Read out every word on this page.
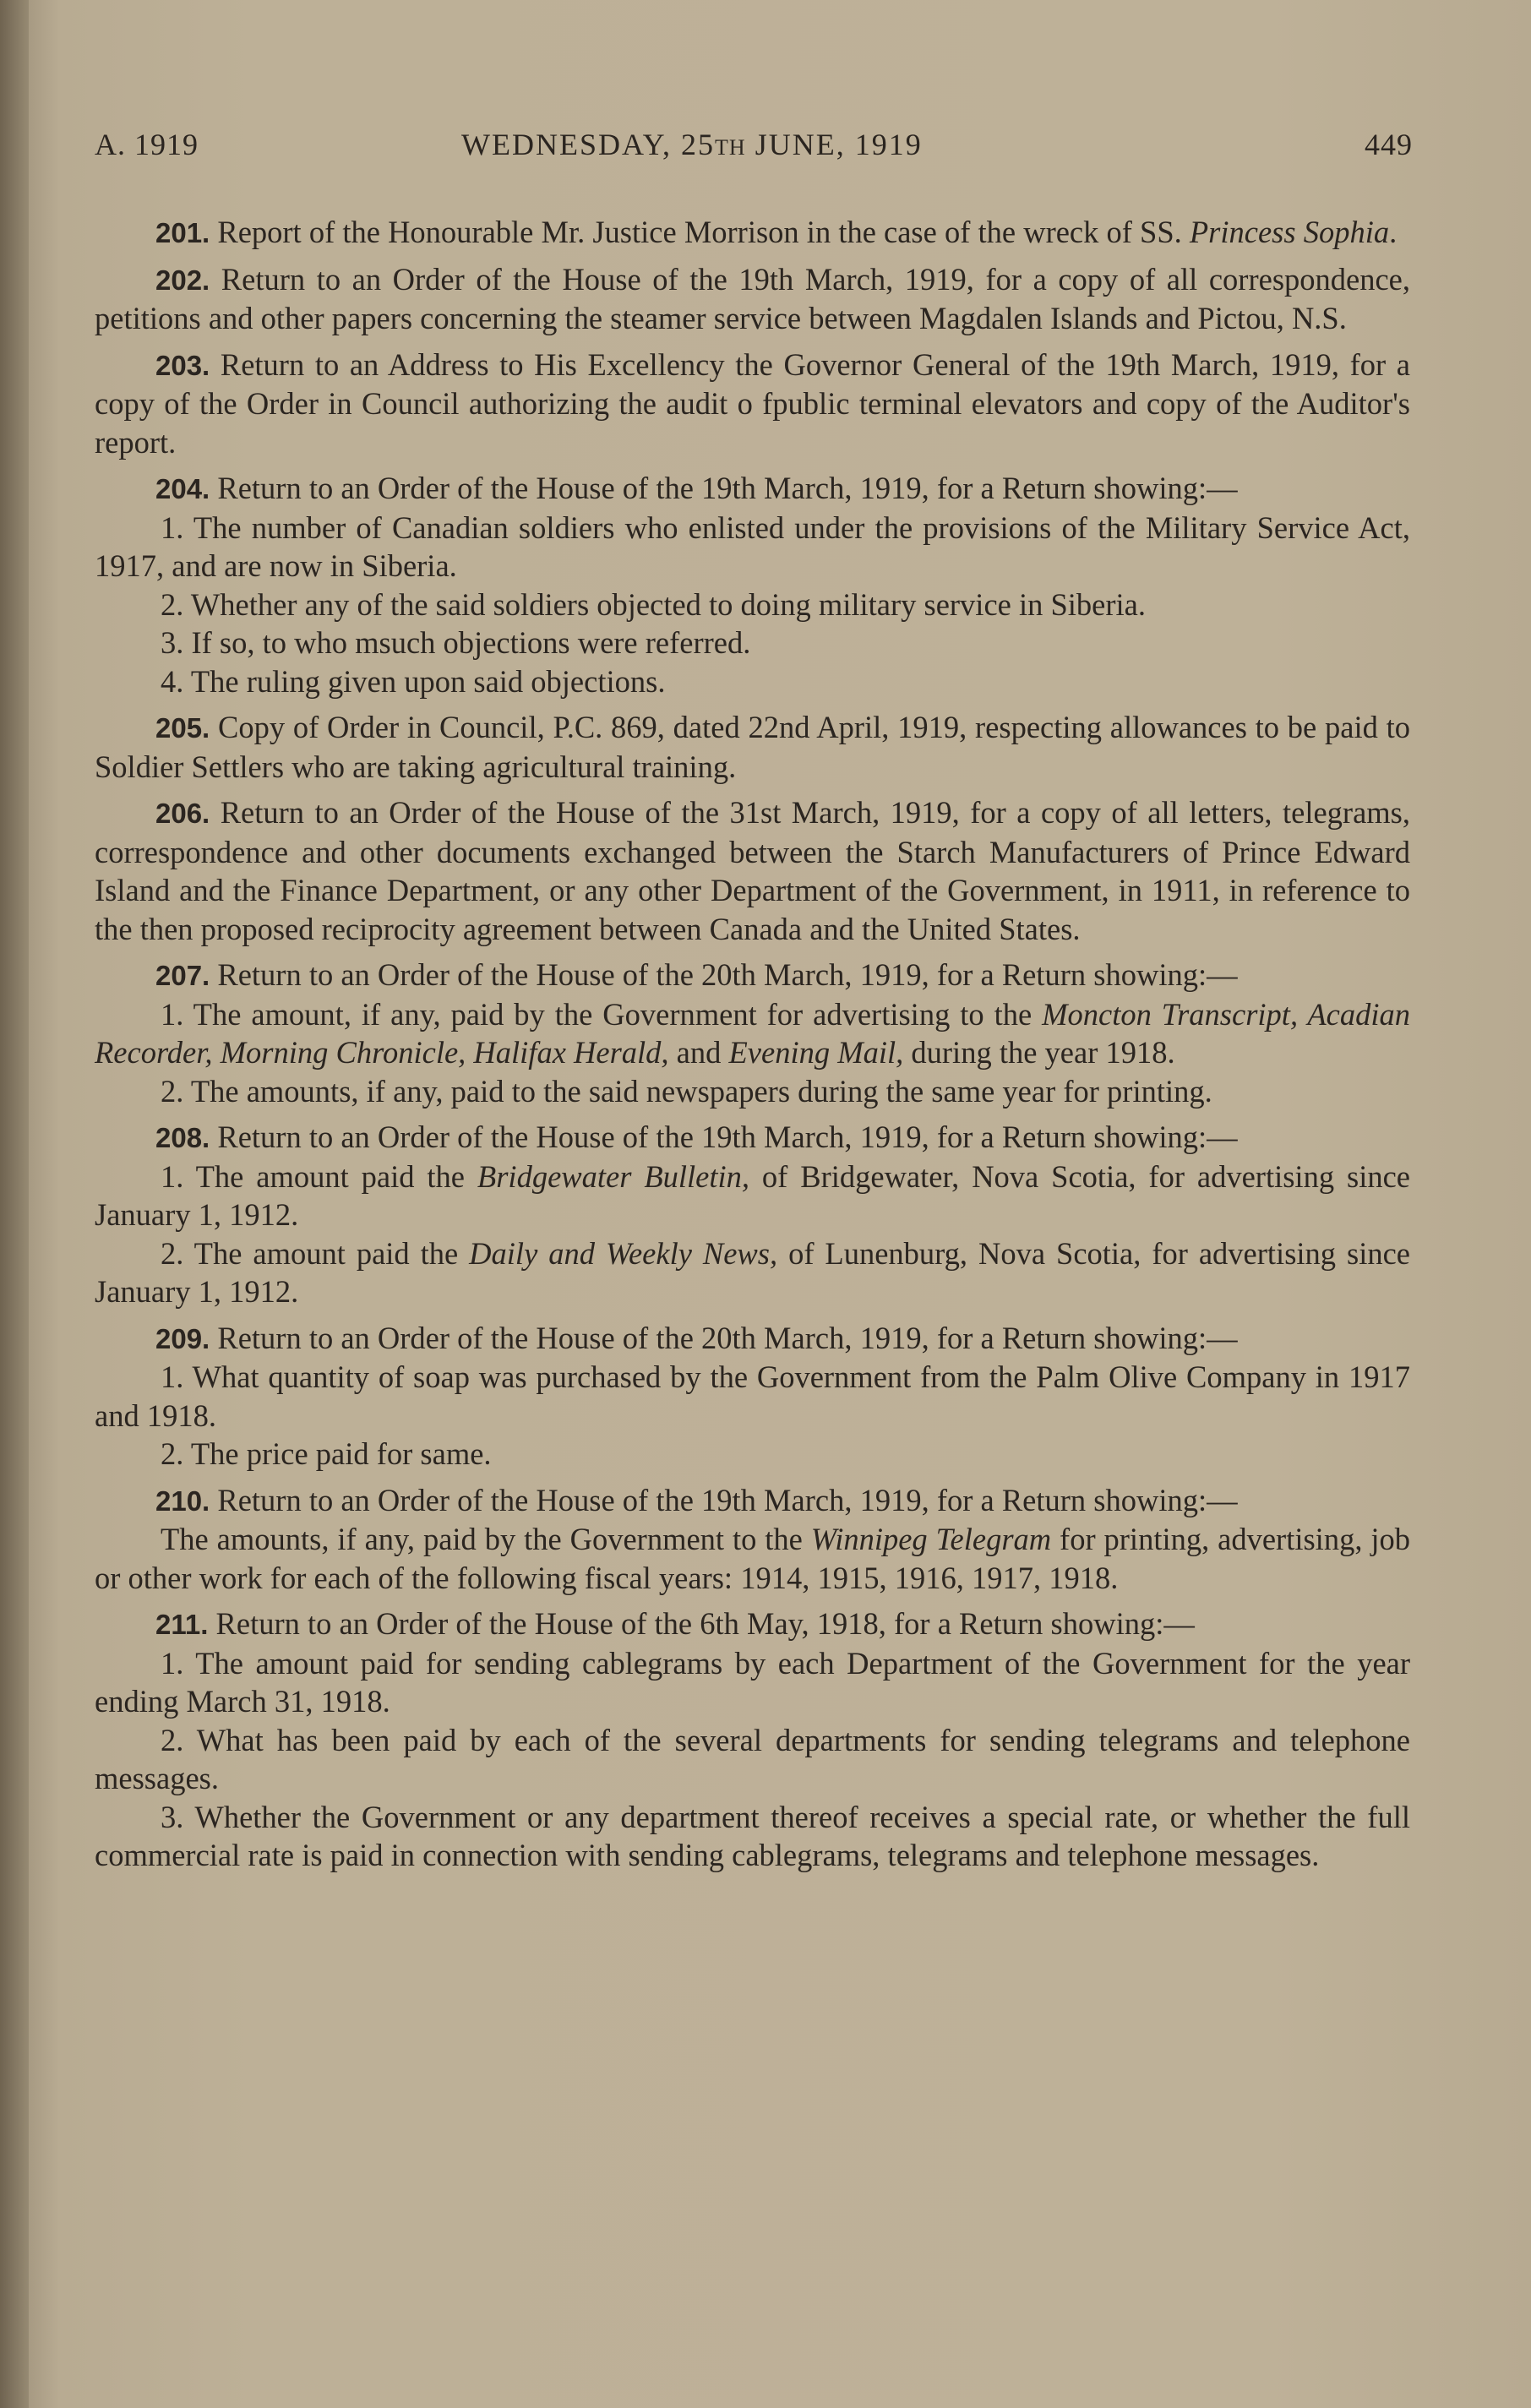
A. 1919	WEDNESDAY, 25TH JUNE, 1919	449

201. Report of the Honourable Mr. Justice Morrison in the case of the wreck of SS. Princess Sophia.

202. Return to an Order of the House of the 19th March, 1919, for a copy of all correspondence, petitions and other papers concerning the steamer service between Magdalen Islands and Pictou, N.S.

203. Return to an Address to His Excellency the Governor General of the 19th March, 1919, for a copy of the Order in Council authorizing the audit o fpublic terminal elevators and copy of the Auditor's report.

204. Return to an Order of the House of the 19th March, 1919, for a Return showing:—

1. The number of Canadian soldiers who enlisted under the provisions of the Military Service Act, 1917, and are now in Siberia.

2. Whether any of the said soldiers objected to doing military service in Siberia.

3. If so, to who msuch objections were referred.

4. The ruling given upon said objections.

205. Copy of Order in Council, P.C. 869, dated 22nd April, 1919, respecting allowances to be paid to Soldier Settlers who are taking agricultural training.

206. Return to an Order of the House of the 31st March, 1919, for a copy of all letters, telegrams, correspondence and other documents exchanged between the Starch Manufacturers of Prince Edward Island and the Finance Department, or any other Department of the Government, in 1911, in reference to the then proposed reciprocity agreement between Canada and the United States.

207. Return to an Order of the House of the 20th March, 1919, for a Return showing:—

1. The amount, if any, paid by the Government for advertising to the Moncton Transcript, Acadian Recorder, Morning Chronicle, Halifax Herald, and Evening Mail, during the year 1918.

2. The amounts, if any, paid to the said newspapers during the same year for printing.

208. Return to an Order of the House of the 19th March, 1919, for a Return showing:—

1. The amount paid the Bridgewater Bulletin, of Bridgewater, Nova Scotia, for advertising since January 1, 1912.

2. The amount paid the Daily and Weekly News, of Lunenburg, Nova Scotia, for advertising since January 1, 1912.

209. Return to an Order of the House of the 20th March, 1919, for a Return showing:—

1. What quantity of soap was purchased by the Government from the Palm Olive Company in 1917 and 1918.

2. The price paid for same.

210. Return to an Order of the House of the 19th March, 1919, for a Return showing:—

The amounts, if any, paid by the Government to the Winnipeg Telegram for printing, advertising, job or other work for each of the following fiscal years: 1914, 1915, 1916, 1917, 1918.

211. Return to an Order of the House of the 6th May, 1918, for a Return showing:—

1. The amount paid for sending cablegrams by each Department of the Government for the year ending March 31, 1918.

2. What has been paid by each of the several departments for sending telegrams and telephone messages.

3. Whether the Government or any department thereof receives a special rate, or whether the full commercial rate is paid in connection with sending cablegrams, telegrams and telephone messages.
